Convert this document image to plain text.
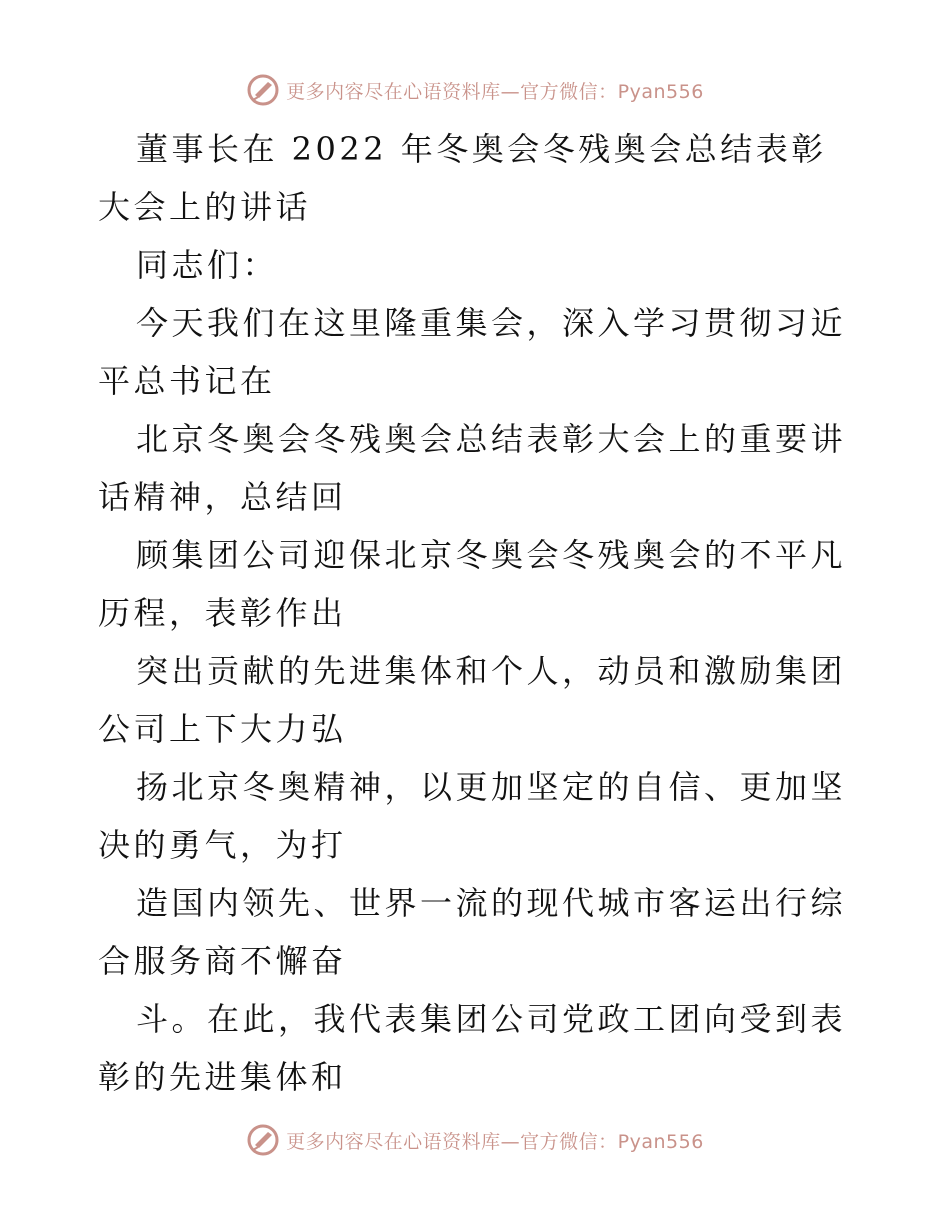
更多内容尽在心语资料库—官方微信：Pyan556

董事长在 2022 年冬奥会冬残奥会总结表彰大会上的讲话

同志们：

今天我们在这里隆重集会，深入学习贯彻习近平总书记在

北京冬奥会冬残奥会总结表彰大会上的重要讲话精神，总结回

顾集团公司迎保北京冬奥会冬残奥会的不平凡历程，表彰作出

突出贡献的先进集体和个人，动员和激励集团公司上下大力弘

扬北京冬奥精神，以更加坚定的自信、更加坚决的勇气，为打

造国内领先、世界一流的现代城市客运出行综合服务商不懈奋

斗。在此，我代表集团公司党政工团向受到表彰的先进集体和

更多内容尽在心语资料库—官方微信：Pyan556
